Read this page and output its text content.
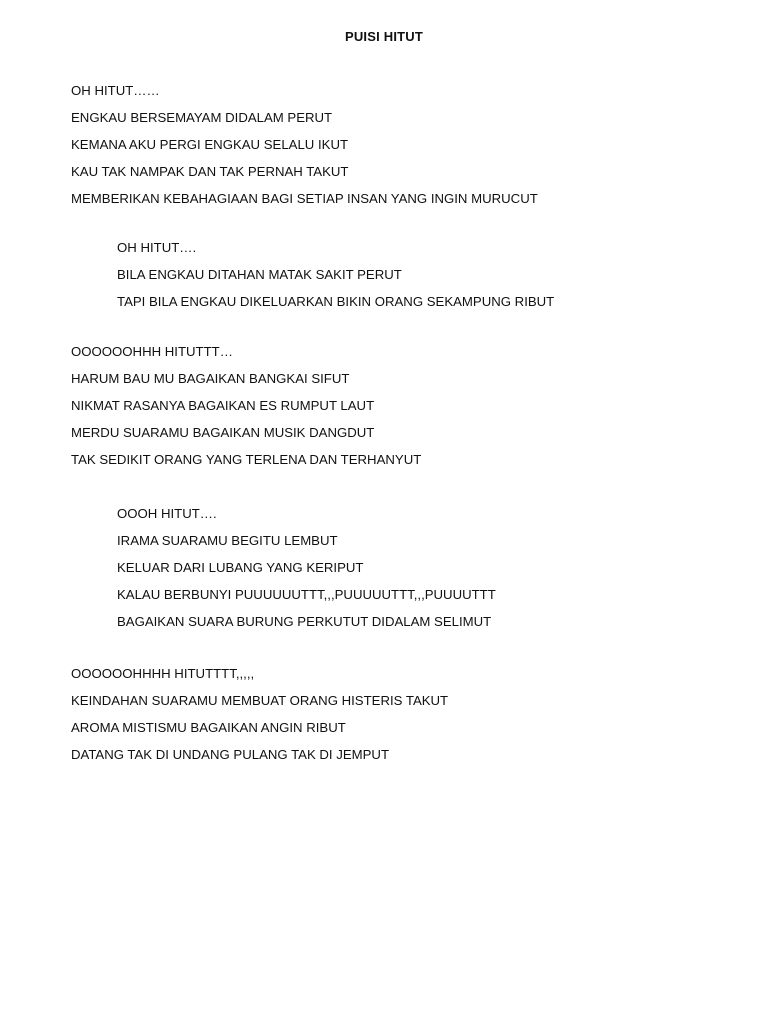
PUISI HITUT
OH HITUT……
ENGKAU BERSEMAYAM DIDALAM PERUT
KEMANA AKU PERGI ENGKAU SELALU IKUT
KAU TAK NAMPAK DAN TAK PERNAH TAKUT
MEMBERIKAN KEBAHAGIAAN BAGI SETIAP INSAN YANG INGIN MURUCUT
OH HITUT….
BILA ENGKAU DITAHAN MATAK SAKIT PERUT
TAPI BILA ENGKAU DIKELUARKAN BIKIN ORANG SEKAMPUNG RIBUT
OOOOOOHHH HITUTTT…
HARUM BAU MU BAGAIKAN BANGKAI SIFUT
NIKMAT RASANYA BAGAIKAN ES RUMPUT LAUT
MERDU SUARAMU BAGAIKAN MUSIK DANGDUT
TAK SEDIKIT ORANG YANG TERLENA DAN TERHANYUT
OOOH HITUT….
IRAMA SUARAMU BEGITU LEMBUT
KELUAR DARI LUBANG YANG KERIPUT
KALAU BERBUNYI PUUUUUUTTT,,,PUUUUUTTT,,,PUUUUTTT
BAGAIKAN SUARA BURUNG PERKUTUT DIDALAM SELIMUT
OOOOOOHHHH HITUTTTT,,,,,
KEINDAHAN SUARAMU MEMBUAT ORANG HISTERIS TAKUT
AROMA MISTISMU BAGAIKAN ANGIN RIBUT
DATANG TAK DI UNDANG PULANG TAK DI JEMPUT
